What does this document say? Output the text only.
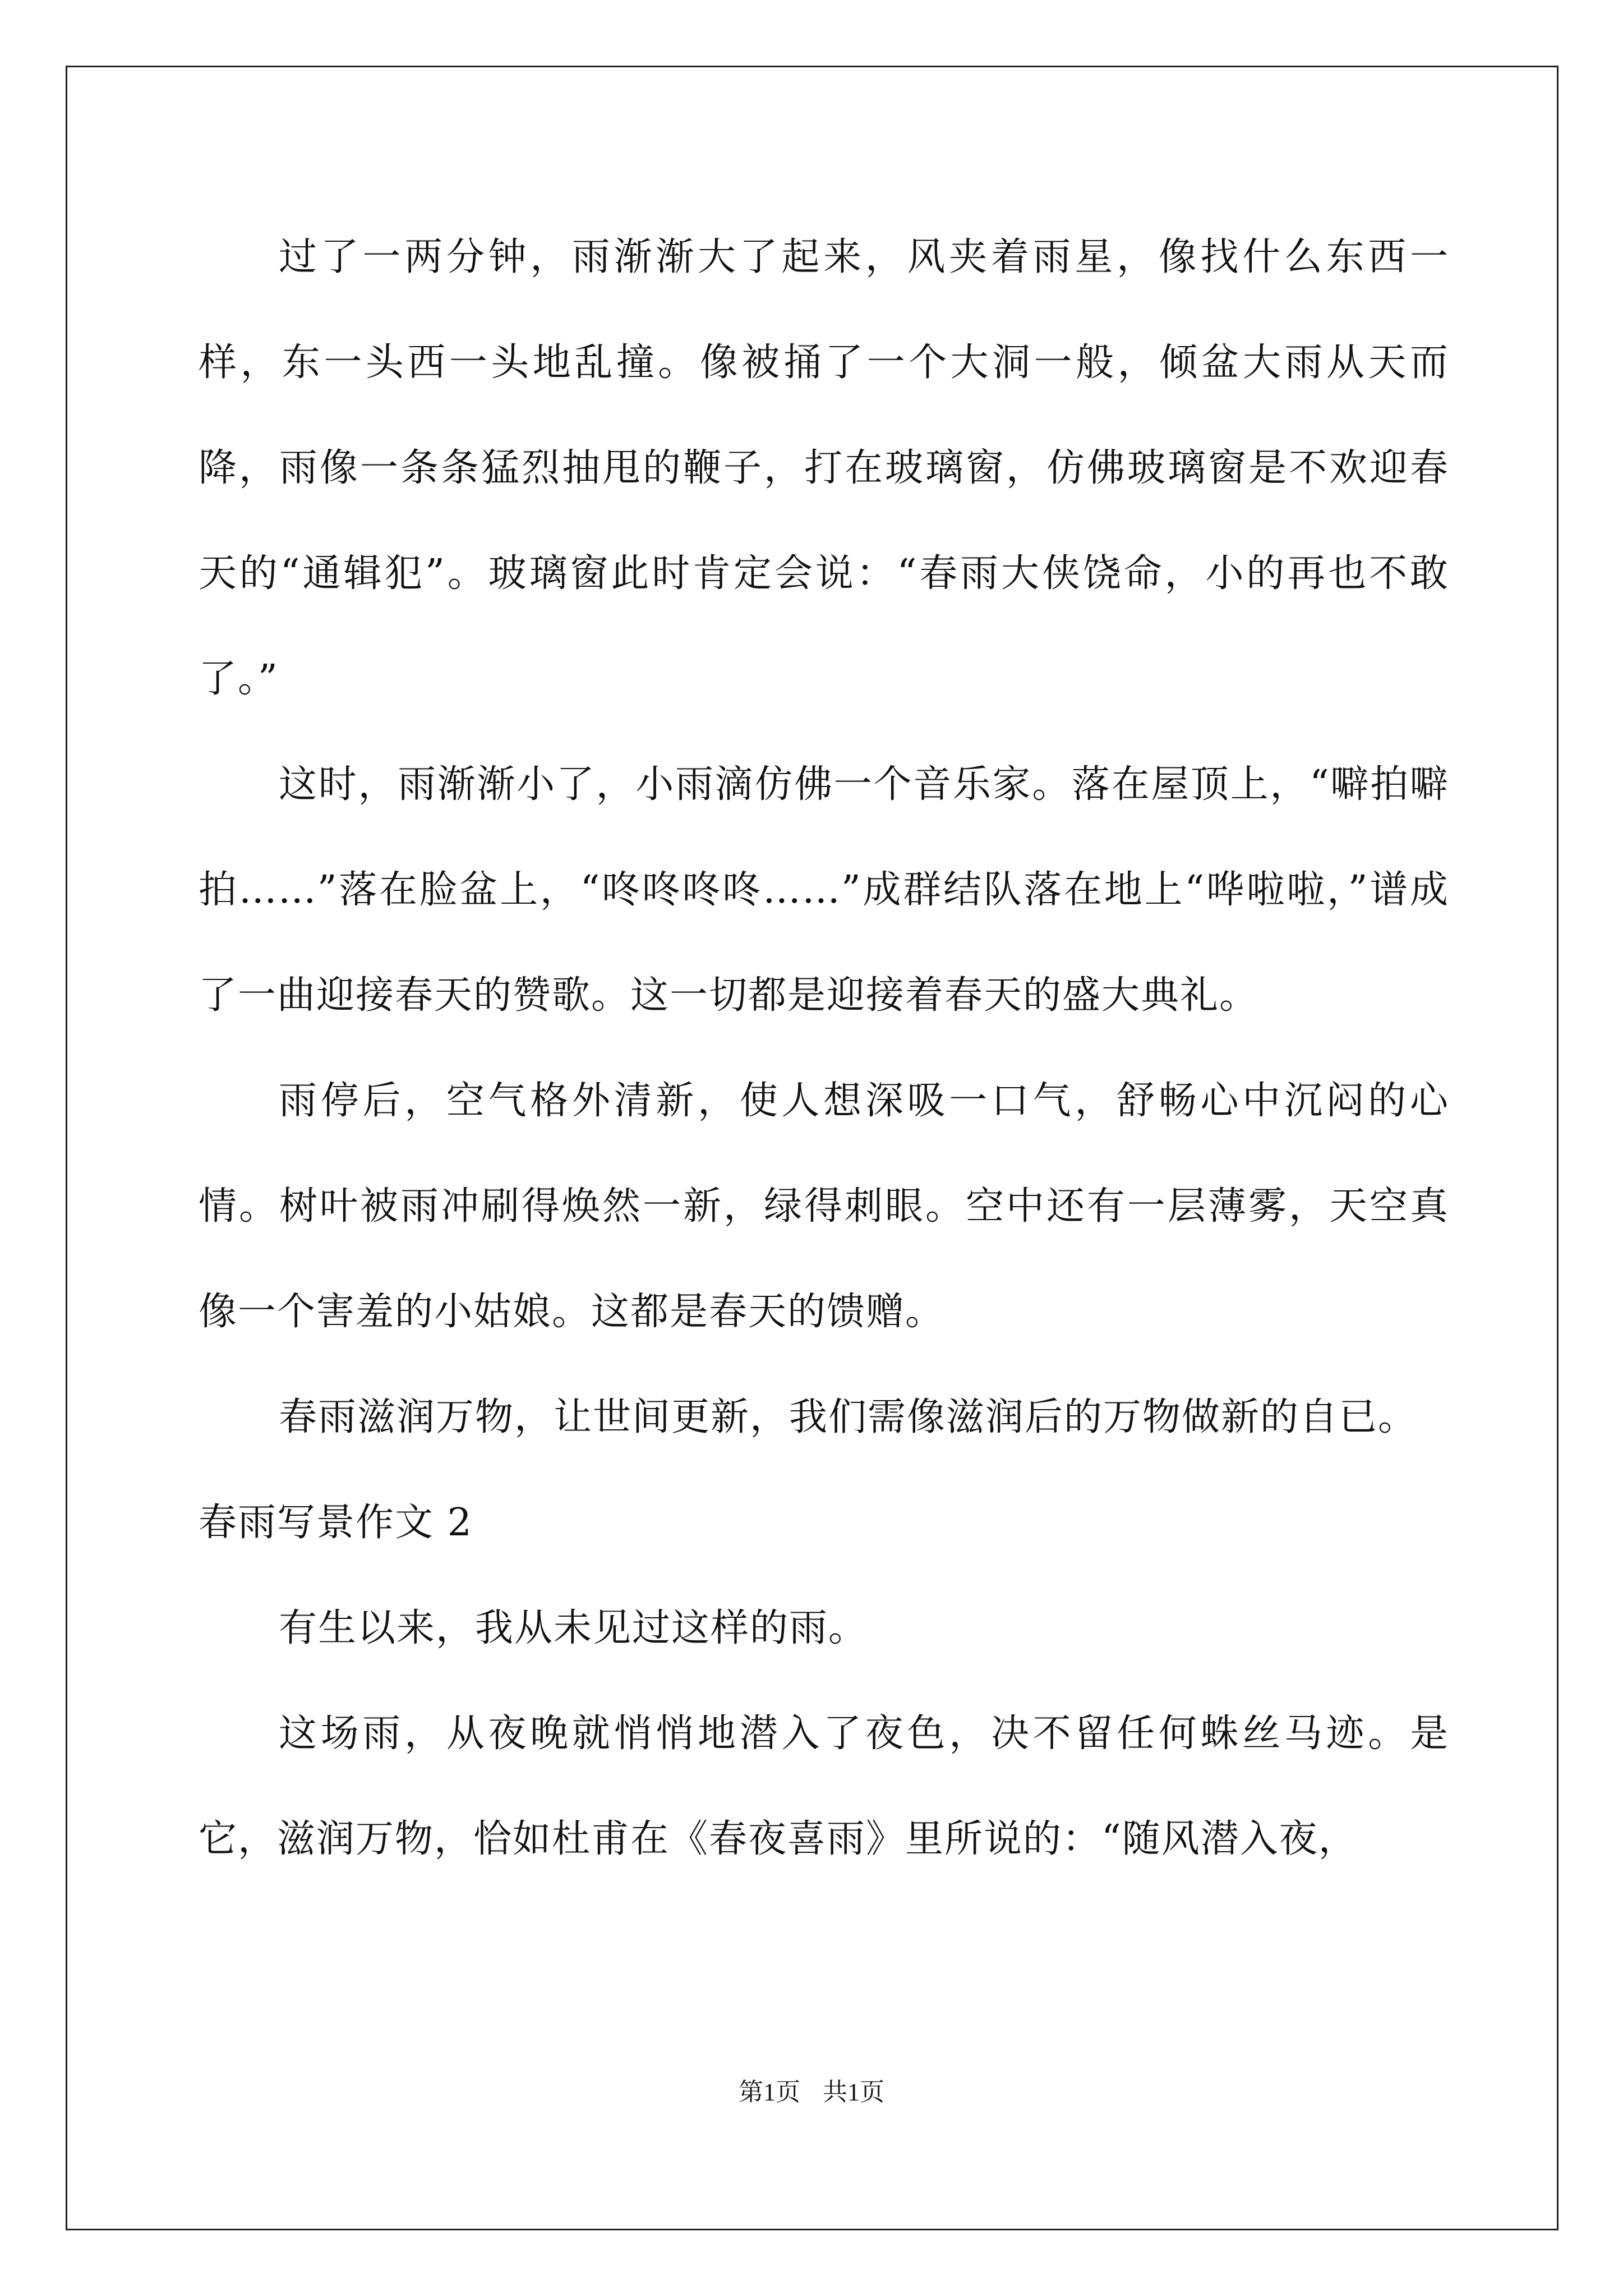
过了一两分钟，雨渐渐大了起来，风夹着雨星，像找什么东西一样，东一头西一头地乱撞。像被捅了一个大洞一般，倾盆大雨从天而降，雨像一条条猛烈抽甩的鞭子，打在玻璃窗，仿佛玻璃窗是不欢迎春天的“通辑犯”。玻璃窗此时肯定会说：“春雨大侠饶命，小的再也不敢了。”

这时，雨渐渐小了，小雨滴仿佛一个音乐家。落在屋顶上，“噼拍噼拍……”落在脸盆上，“咚咚咚咚……”成群结队落在地上“哗啦啦，”谱成了一曲迎接春天的赞歌。这一切都是迎接着春天的盛大典礼。

雨停后，空气格外清新，使人想深吸一口气，舒畅心中沉闷的心情。树叶被雨冲刷得焕然一新，绿得刺眼。空中还有一层薄雾，天空真像一个害羞的小姑娘。这都是春天的馈赠。

春雨滋润万物，让世间更新，我们需像滋润后的万物做新的自已。

春雨写景作文 2

有生以来，我从未见过这样的雨。

这场雨，从夜晚就悄悄地潜入了夜色，决不留任何蛛丝马迹。是它，滋润万物，恰如杜甫在《春夜喜雨》里所说的：“随风潜入夜，

第1页 共1页
